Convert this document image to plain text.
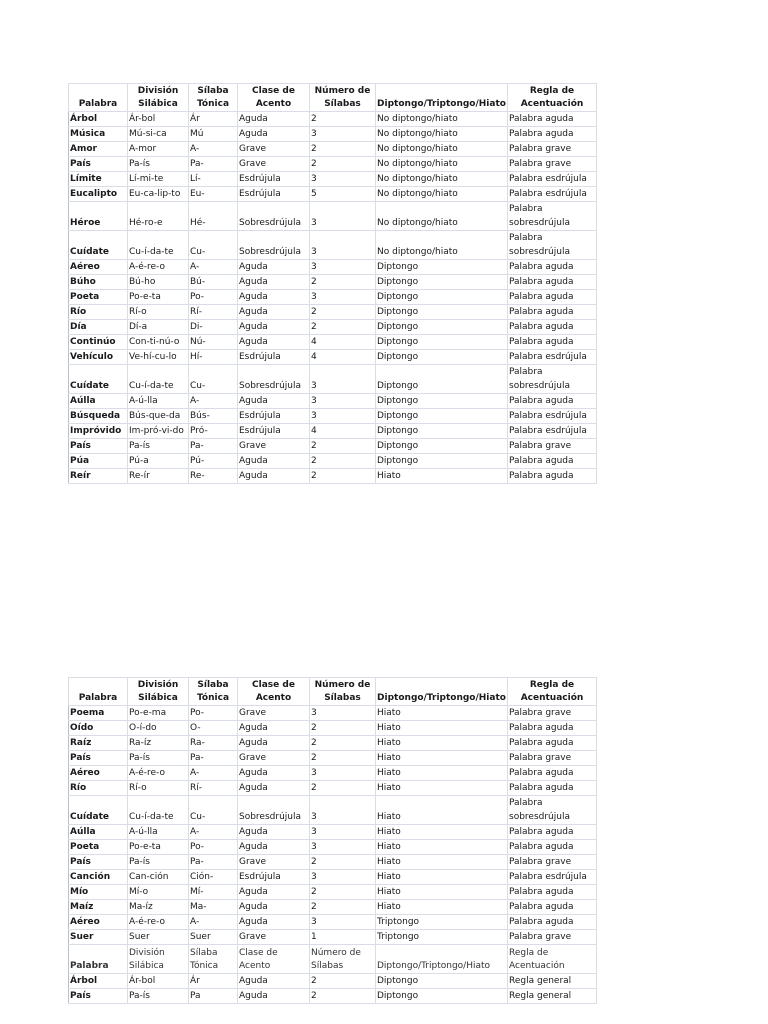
Palabra	División Silábica	Sílaba Tónica	Clase de Acento	Número de Sílabas	Diptongo/Triptongo/Hiato	Regla de Acentuación
Árbol	Ár-bol	Ár	Aguda	2	No diptongo/hiato	Palabra aguda
Música	Mú-si-ca	Mú	Aguda	3	No diptongo/hiato	Palabra aguda
Amor	A-mor	A-	Grave	2	No diptongo/hiato	Palabra grave
País	Pa-ís	Pa-	Grave	2	No diptongo/hiato	Palabra grave
Límite	Lí-mi-te	Lí-	Esdrújula	3	No diptongo/hiato	Palabra esdrújula
Eucalipto	Eu-ca-lip-to	Eu-	Esdrújula	5	No diptongo/hiato	Palabra esdrújula
Héroe	Hé-ro-e	Hé-	Sobresdrújula	3	No diptongo/hiato	Palabra sobresdrújula
Cuídate	Cu-í-da-te	Cu-	Sobresdrújula	3	No diptongo/hiato	Palabra sobresdrújula
Aéreo	A-é-re-o	A-	Aguda	3	Diptongo	Palabra aguda
Búho	Bú-ho	Bú-	Aguda	2	Diptongo	Palabra aguda
Poeta	Po-e-ta	Po-	Aguda	3	Diptongo	Palabra aguda
Río	Rí-o	Rí-	Aguda	2	Diptongo	Palabra aguda
Día	Dí-a	Di-	Aguda	2	Diptongo	Palabra aguda
Continúo	Con-ti-nú-o	Nú-	Aguda	4	Diptongo	Palabra aguda
Vehículo	Ve-hí-cu-lo	Hí-	Esdrújula	4	Diptongo	Palabra esdrújula
Cuídate	Cu-í-da-te	Cu-	Sobresdrújula	3	Diptongo	Palabra sobresdrújula
Aúlla	A-ú-lla	A-	Aguda	3	Diptongo	Palabra aguda
Búsqueda	Bús-que-da	Bús-	Esdrújula	3	Diptongo	Palabra esdrújula
Impróvido	Im-pró-vi-do	Pró-	Esdrújula	4	Diptongo	Palabra esdrújula
País	Pa-ís	Pa-	Grave	2	Diptongo	Palabra grave
Púa	Pú-a	Pú-	Aguda	2	Diptongo	Palabra aguda
Reír	Re-ír	Re-	Aguda	2	Hiato	Palabra aguda
Palabra	División Silábica	Sílaba Tónica	Clase de Acento	Número de Sílabas	Diptongo/Triptongo/Hiato	Regla de Acentuación
Poema	Po-e-ma	Po-	Grave	3	Hiato	Palabra grave
Oído	O-í-do	O-	Aguda	2	Hiato	Palabra aguda
Raíz	Ra-íz	Ra-	Aguda	2	Hiato	Palabra aguda
País	Pa-ís	Pa-	Grave	2	Hiato	Palabra grave
Aéreo	A-é-re-o	A-	Aguda	3	Hiato	Palabra aguda
Río	Rí-o	Rí-	Aguda	2	Hiato	Palabra aguda
Cuídate	Cu-í-da-te	Cu-	Sobresdrújula	3	Hiato	Palabra sobresdrújula
Aúlla	A-ú-lla	A-	Aguda	3	Hiato	Palabra aguda
Poeta	Po-e-ta	Po-	Aguda	3	Hiato	Palabra aguda
País	Pa-ís	Pa-	Grave	2	Hiato	Palabra grave
Canción	Can-ción	Ción-	Esdrújula	3	Hiato	Palabra esdrújula
Mío	Mí-o	Mí-	Aguda	2	Hiato	Palabra aguda
Maíz	Ma-íz	Ma-	Aguda	2	Hiato	Palabra aguda
Aéreo	A-é-re-o	A-	Aguda	3	Triptongo	Palabra aguda
Suer	Suer	Suer	Grave	1	Triptongo	Palabra grave
Palabra	División Silábica	Sílaba Tónica	Clase de Acento	Número de Sílabas	Diptongo/Triptongo/Hiato	Regla de Acentuación
Árbol	Ár-bol	Ár	Aguda	2	Diptongo	Regla general
País	Pa-ís	Pa	Aguda	2	Diptongo	Regla general
